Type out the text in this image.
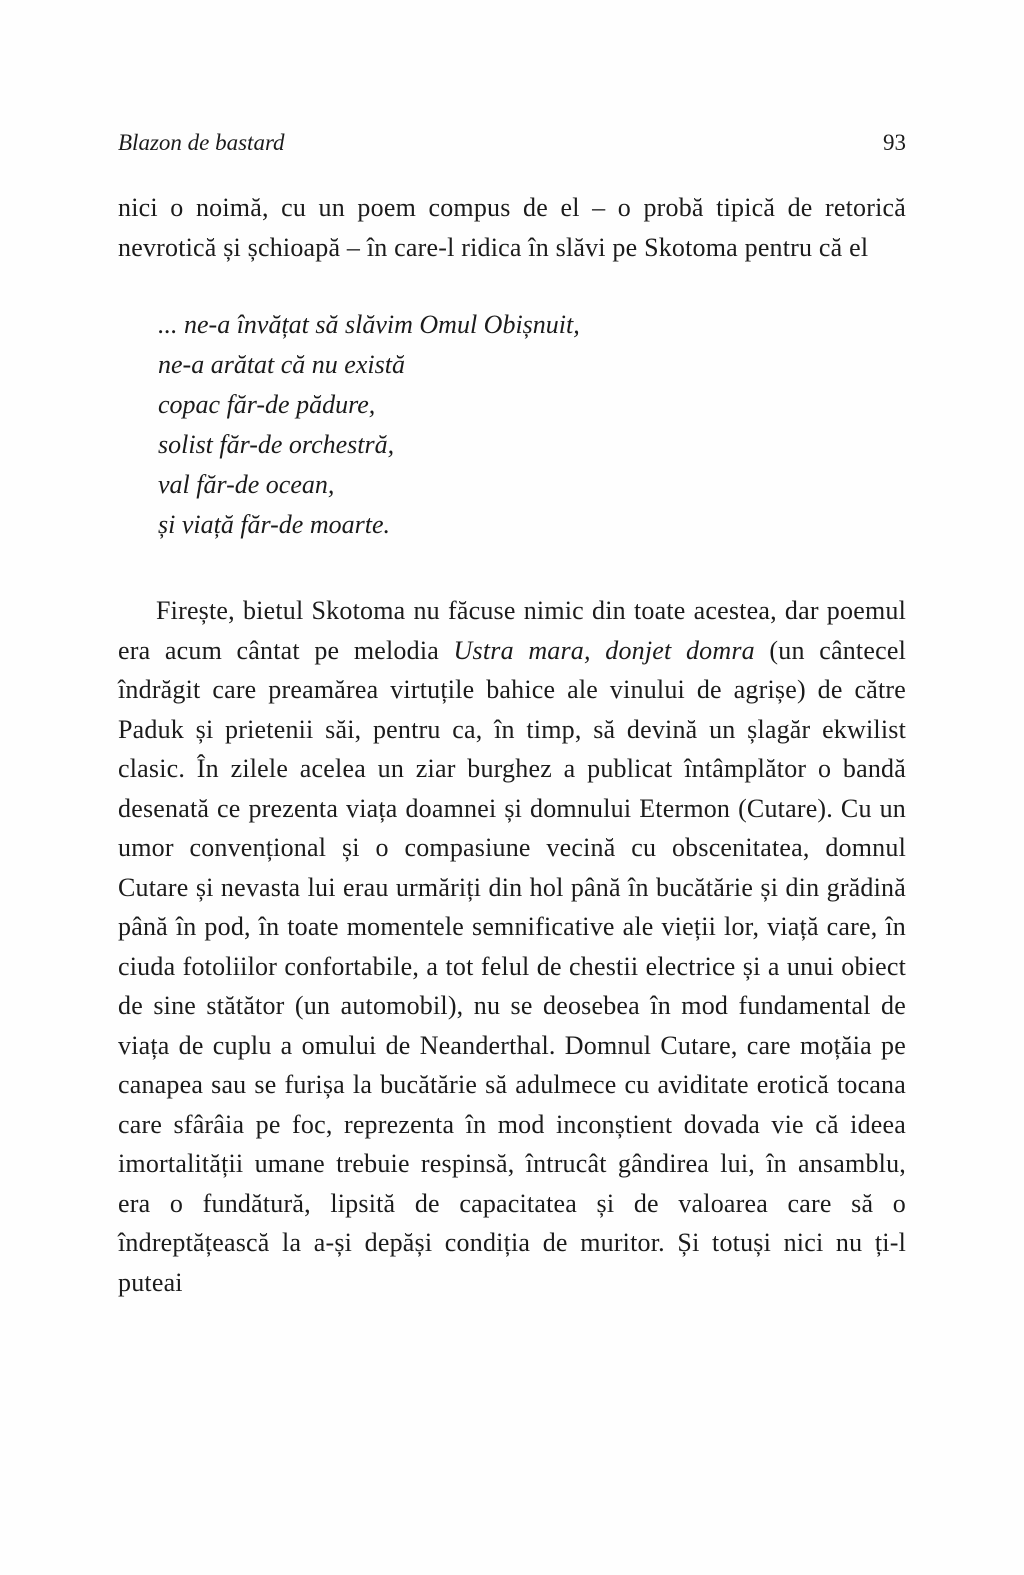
Blazon de bastard	93

nici o noimă, cu un poem compus de el – o probă tipică de retorică nevrotică și șchioapă – în care-l ridica în slăvi pe Skotoma pentru că el

... ne-a învățat să slăvim Omul Obișnuit,
ne-a arătat că nu există
copac făr-de pădure,
solist făr-de orchestră,
val făr-de ocean,
și viață făr-de moarte.

Firește, bietul Skotoma nu făcuse nimic din toate acestea, dar poemul era acum cântat pe melodia Ustra mara, donjet domra (un cântecel îndrăgit care preamărea virtuțile bahice ale vinului de agrișe) de către Paduk și prietenii săi, pentru ca, în timp, să devină un șlagăr ekwilist clasic. În zilele acelea un ziar burghez a publicat întâmplător o bandă desenată ce prezenta viața doamnei și domnului Etermon (Cutare). Cu un umor convențional și o compasiune vecină cu obscenitatea, domnul Cutare și nevasta lui erau urmăriți din hol până în bucătărie și din grădină până în pod, în toate momentele semnificative ale vieții lor, viață care, în ciuda fotoliilor confortabile, a tot felul de chestii electrice și a unui obiect de sine stătător (un automobil), nu se deosebea în mod fundamental de viața de cuplu a omului de Neanderthal. Domnul Cutare, care moțăia pe canapea sau se furișa la bucătărie să adulmece cu aviditate erotică tocana care sfârâia pe foc, reprezenta în mod inconștient dovada vie că ideea imortalității umane trebuie respinsă, întrucât gândirea lui, în ansamblu, era o fundătură, lipsită de capacitatea și de valoarea care să o îndreptățească la a-și depăși condiția de muritor. Și totuși nici nu ți-l puteai
